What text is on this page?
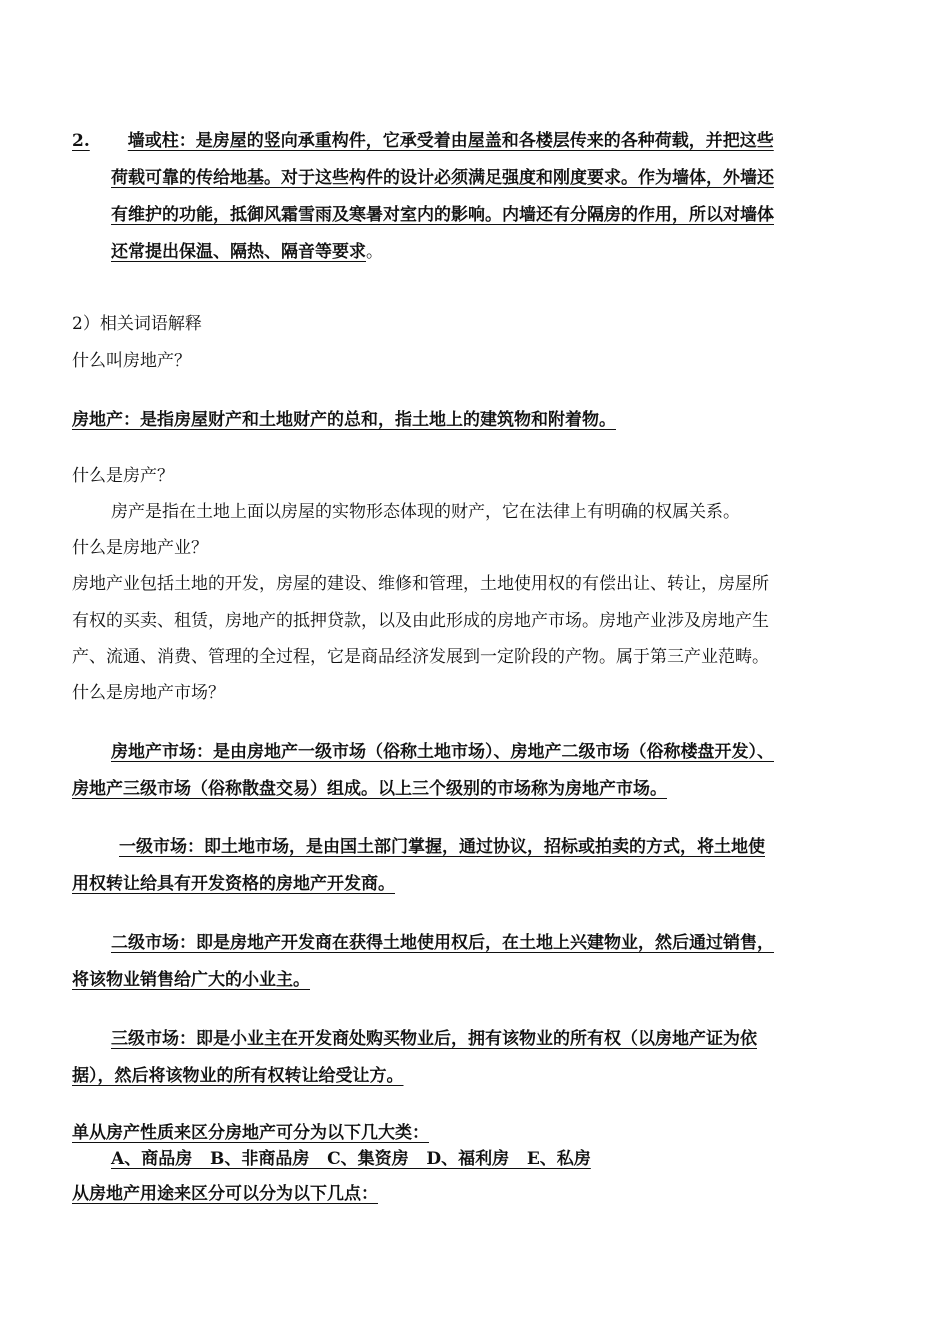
2. 墙或柱：是房屋的竖向承重构件，它承受着由屋盖和各楼层传来的各种荷载，并把这些
荷载可靠的传给地基。对于这些构件的设计必须满足强度和刚度要求。作为墙体，外墙还
有维护的功能，抵御风霜雪雨及寒暑对室内的影响。内墙还有分隔房的作用，所以对墙体
还常提出保温、隔热、隔音等要求。
2）相关词语解释
什么叫房地产？
房地产：是指房屋财产和土地财产的总和，指土地上的建筑物和附着物。
什么是房产？
房产是指在土地上面以房屋的实物形态体现的财产，它在法律上有明确的权属关系。
什么是房地产业？
房地产业包括土地的开发，房屋的建设、维修和管理，土地使用权的有偿出让、转让，房屋所
有权的买卖、租赁，房地产的抵押贷款，以及由此形成的房地产市场。房地产业涉及房地产生
产、流通、消费、管理的全过程，它是商品经济发展到一定阶段的产物。属于第三产业范畴。
什么是房地产市场？
房地产市场：是由房地产一级市场（俗称土地市场）、房地产二级市场（俗称楼盘开发）、
房地产三级市场（俗称散盘交易）组成。以上三个级别的市场称为房地产市场。
一级市场：即土地市场，是由国土部门掌握，通过协议，招标或拍卖的方式，将土地使
用权转让给具有开发资格的房地产开发商。
二级市场：即是房地产开发商在获得土地使用权后，在土地上兴建物业，然后通过销售，
将该物业销售给广大的小业主。
三级市场：即是小业主在开发商处购买物业后，拥有该物业的所有权（以房地产证为依
据），然后将该物业的所有权转让给受让方。
单从房产性质来区分房地产可分为以下几大类：
A、商品房   B、非商品房   C、集资房   D、福利房   E、私房
从房地产用途来区分可以分为以下几点：
